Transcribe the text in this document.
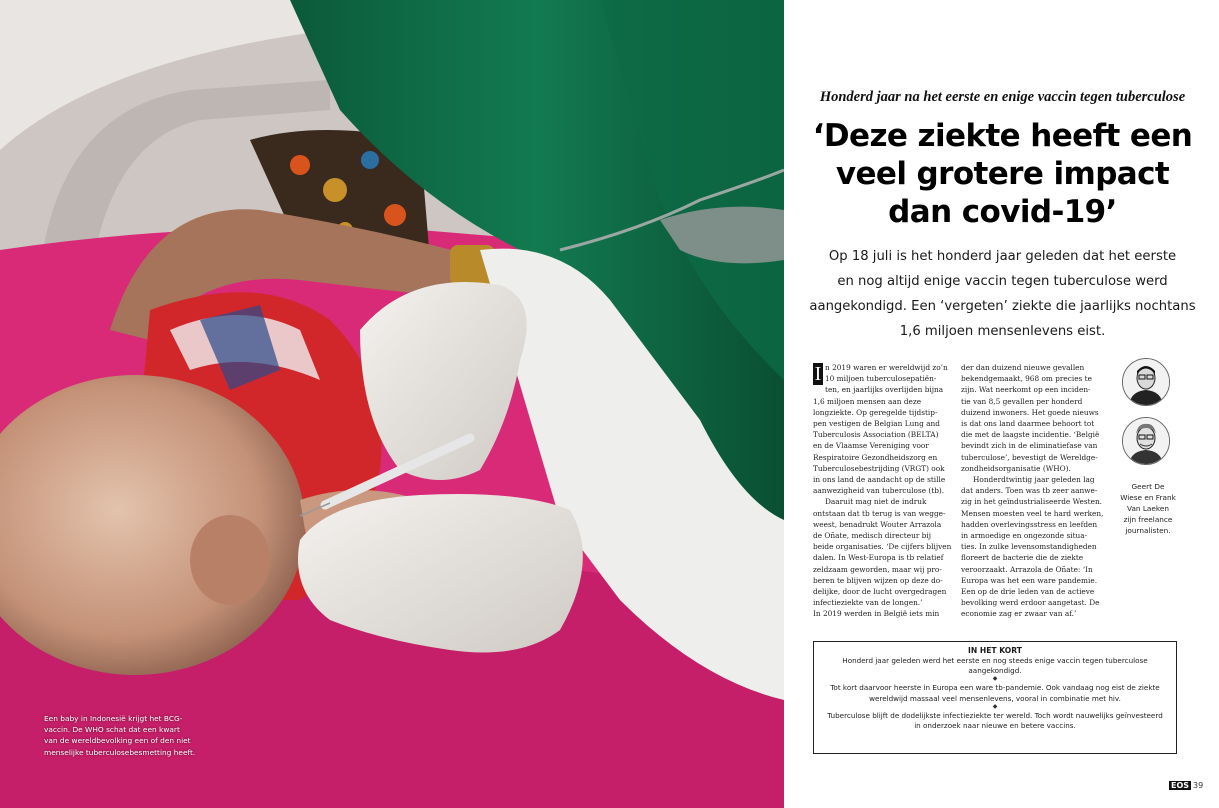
Een baby in Indonesië krijgt het BCG-
vaccin. De WHO schat dat een kwart
van de wereldbevolking een of den niet
menselijke tuberculosebesmetting heeft.

Honderd jaar na het eerste en enige vaccin tegen tuberculose

‘Deze ziekte heeft een
veel grotere impact
dan covid-19’

Op 18 juli is het honderd jaar geleden dat het eerste
en nog altijd enige vaccin tegen tuberculose werd
aangekondigd. Een ‘vergeten’ ziekte die jaarlijks nochtans
1,6 miljoen mensenlevens eist.

I n 2019 waren er wereldwijd zo’n
10 miljoen tuberculosepatiën-
ten, en jaarlijks overlijden bijna
1,6 miljoen mensen aan deze
longziekte. Op geregelde tijdstip-
pen vestigen de Belgian Lung and
Tuberculosis Association (BELTA)
en de Vlaamse Vereniging voor
Respiratoire Gezondheidszorg en
Tuberculosebestrijding (VRGT) ook
in ons land de aandacht op de stille
aanwezigheid van tuberculose (tb).
Daaruit mag niet de indruk
ontstaan dat tb terug is van wegge-
weest, benadrukt Wouter Arrazola
de Oñate, medisch directeur bij
beide organisaties. ‘De cijfers blijven
dalen. In West-Europa is tb relatief
zeldzaam geworden, maar wij pro-
beren te blijven wijzen op deze do-
delijke, door de lucht overgedragen
infectieziekte van de longen.’
In 2019 werden in België iets min
der dan duizend nieuwe gevallen
bekendgemaakt, 968 om precies te
zijn. Wat neerkomt op een inciden-
tie van 8,5 gevallen per honderd
duizend inwoners. Het goede nieuws
is dat ons land daarmee behoort tot
die met de laagste incidentie. ‘België
bevindt zich in de eliminatiefase van
tuberculose’, bevestigt de Wereldge-
zondheidsorganisatie (WHO).
Honderdtwintig jaar geleden lag
dat anders. Toen was tb zeer aanwe-
zig in het geïndustrialiseerde Westen.
Mensen moesten veel te hard werken,
hadden overlevingsstress en leefden
in armoedige en ongezonde situa-
ties. In zulke levensomstandigheden
floreert de bacterie die de ziekte
veroorzaakt. Arrazola de Oñate: ‘In
Europa was het een ware pandemie.
Een op de drie leden van de actieve
bevolking werd erdoor aangetast. De
economie zag er zwaar van af.’

Geert De
Wiese en Frank
Van Laeken
zijn freelance
journalisten.

IN HET KORT

Honderd jaar geleden werd het eerste en nog steeds enige vaccin tegen tuberculose
aangekondigd.

◆

Tot kort daarvoor heerste in Europa een ware tb-pandemie. Ook vandaag nog eist de ziekte
wereldwijd massaal veel mensenlevens, vooral in combinatie met hiv.

◆

Tuberculose blijft de dodelijkste infectieziekte ter wereld. Toch wordt nauwelijks geïnvesteerd
in onderzoek naar nieuwe en betere vaccins.

EOS 39
